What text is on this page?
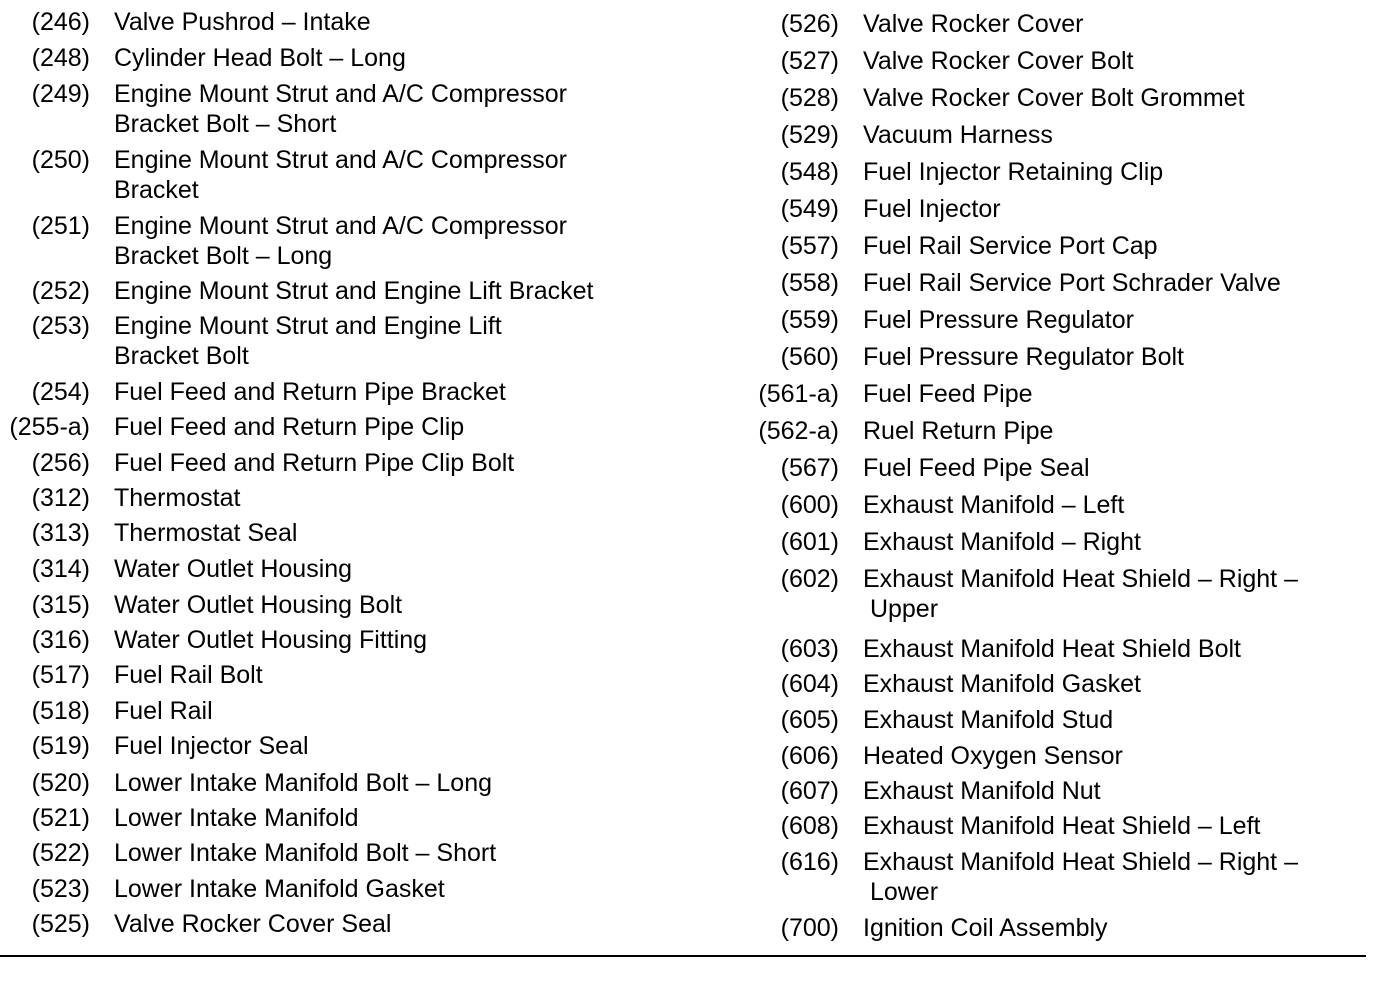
(246) Valve Pushrod – Intake
(248) Cylinder Head Bolt – Long
(249) Engine Mount Strut and A/C Compressor
Bracket Bolt – Short
(250) Engine Mount Strut and A/C Compressor
Bracket
(251) Engine Mount Strut and A/C Compressor
Bracket Bolt – Long
(252) Engine Mount Strut and Engine Lift Bracket
(253) Engine Mount Strut and Engine Lift
Bracket Bolt
(254) Fuel Feed and Return Pipe Bracket
(255-a) Fuel Feed and Return Pipe Clip
(256) Fuel Feed and Return Pipe Clip Bolt
(312) Thermostat
(313) Thermostat Seal
(314) Water Outlet Housing
(315) Water Outlet Housing Bolt
(316) Water Outlet Housing Fitting
(517) Fuel Rail Bolt
(518) Fuel Rail
(519) Fuel Injector Seal
(520) Lower Intake Manifold Bolt – Long
(521) Lower Intake Manifold
(522) Lower Intake Manifold Bolt – Short
(523) Lower Intake Manifold Gasket
(525) Valve Rocker Cover Seal
(526) Valve Rocker Cover
(527) Valve Rocker Cover Bolt
(528) Valve Rocker Cover Bolt Grommet
(529) Vacuum Harness
(548) Fuel Injector Retaining Clip
(549) Fuel Injector
(557) Fuel Rail Service Port Cap
(558) Fuel Rail Service Port Schrader Valve
(559) Fuel Pressure Regulator
(560) Fuel Pressure Regulator Bolt
(561-a) Fuel Feed Pipe
(562-a) Ruel Return Pipe
(567) Fuel Feed Pipe Seal
(600) Exhaust Manifold – Left
(601) Exhaust Manifold – Right
(602) Exhaust Manifold Heat Shield – Right –
Upper
(603) Exhaust Manifold Heat Shield Bolt
(604) Exhaust Manifold Gasket
(605) Exhaust Manifold Stud
(606) Heated Oxygen Sensor
(607) Exhaust Manifold Nut
(608) Exhaust Manifold Heat Shield – Left
(616) Exhaust Manifold Heat Shield – Right –
Lower
(700) Ignition Coil Assembly
